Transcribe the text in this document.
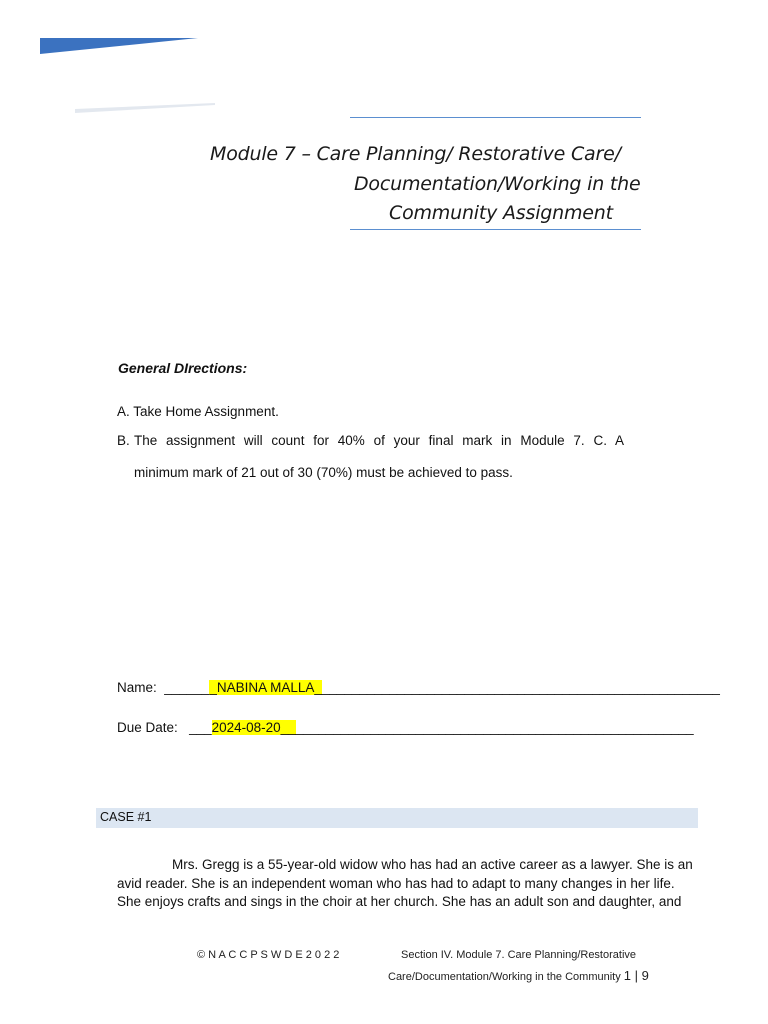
Module 7 – Care Planning/ Restorative Care/
Documentation/Working in the
Community Assignment
General DIrections:
A. Take Home Assignment.
B. The assignment will count for 40% of your final mark in Module 7. C. A
minimum mark of 21 out of 30 (70%) must be achieved to pass.
Name: _______NABINA MALLA______________________________________________________
Due Date: ___2024-08-20_______________________________________________________
CASE #1
Mrs. Gregg is a 55-year-old widow who has had an active career as a lawyer. She is an
avid reader. She is an independent woman who has had to adapt to many changes in her life.
She enjoys crafts and sings in the choir at her church. She has an adult son and daughter, and
© N A C C P S W D E 2 0 2 2	Section IV. Module 7. Care Planning/Restorative
Care/Documentation/Working in the Community 1 | 9
